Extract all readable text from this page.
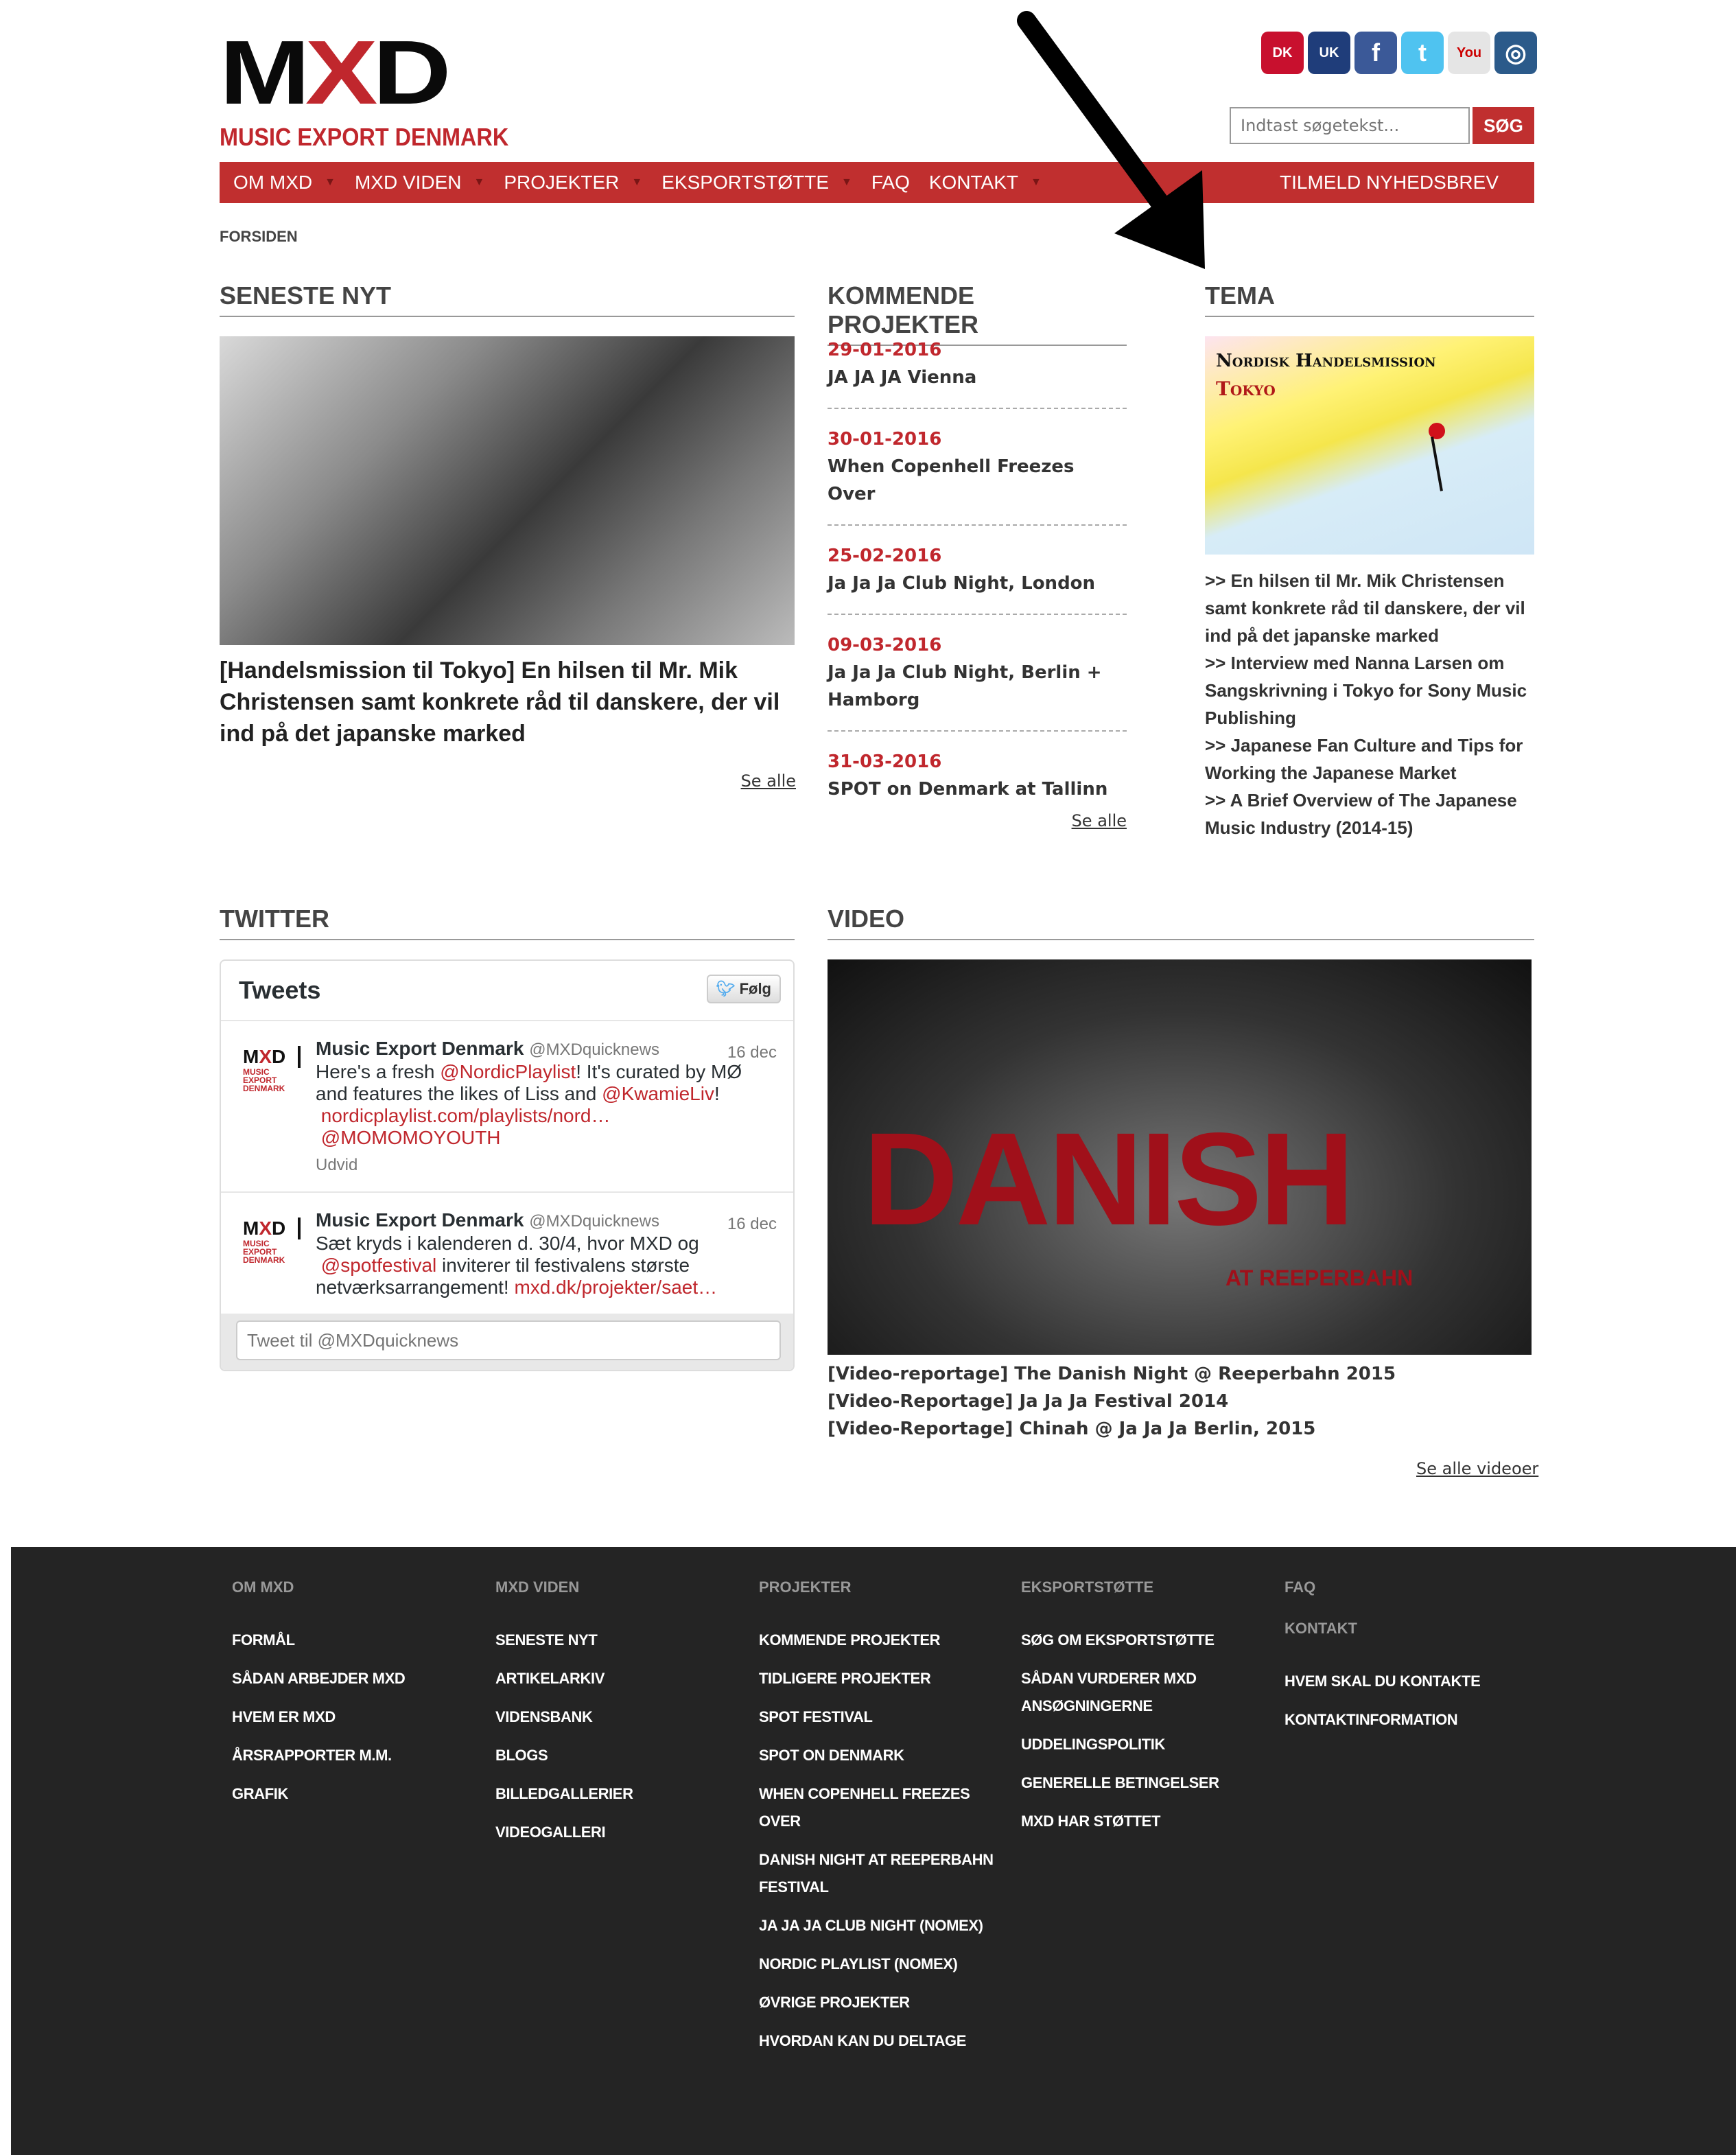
MXD
MUSIC EXPORT DENMARK
DK	UK	f	t	You	◎
Indtast søgetekst...
SØG
OM MXD ▼ MXD VIDEN ▼ PROJEKTER ▼ EKSPORTSTØTTE ▼ FAQ KONTAKT ▼	TILMELD NYHEDSBREV
FORSIDEN
SENESTE NYT
[Handelsmission til Tokyo] En hilsen til Mr. Mik Christensen samt konkrete råd til danskere, der vil ind på det japanske marked
Se alle
KOMMENDE PROJEKTER
29-01-2016
JA JA JA Vienna
30-01-2016
When Copenhell Freezes Over
25-02-2016
Ja Ja Ja Club Night, London
09-03-2016
Ja Ja Ja Club Night, Berlin + Hamborg
31-03-2016
SPOT on Denmark at Tallinn
Se alle
TEMA
Nordisk Handelsmission
Tokyo
>> En hilsen til Mr. Mik Christensen samt konkrete råd til danskere, der vil ind på det japanske marked
>> Interview med Nanna Larsen om Sangskrivning i Tokyo for Sony Music Publishing
>> Japanese Fan Culture and Tips for Working the Japanese Market
>> A Brief Overview of The Japanese Music Industry (2014-15)
TWITTER
Tweets	🐦︎ Følg
MXD
MUSIC
EXPORT
DENMARK
Music Export Denmark @MXDquicknews	16 dec
Here's a fresh @NordicPlaylist! It's curated by MØ and features the likes of Liss and @KwamieLiv!
nordicplaylist.com/playlists/nord…
@MOMOMOYOUTH
Udvid
MXD
MUSIC
EXPORT
DENMARK
Music Export Denmark @MXDquicknews	16 dec
Sæt kryds i kalenderen d. 30/4, hvor MXD og
@spotfestival inviterer til festivalens største netværksarrangement! mxd.dk/projekter/saet…
Tweet til @MXDquicknews
VIDEO
DANISH
AT REEPERBAHN
[Video-reportage] The Danish Night @ Reeperbahn 2015
[Video-Reportage] Ja Ja Ja Festival 2014
[Video-Reportage] Chinah @ Ja Ja Ja Berlin, 2015
Se alle videoer
OM MXD
FORMÅL
SÅDAN ARBEJDER MXD
HVEM ER MXD
ÅRSRAPPORTER M.M.
GRAFIK
MXD VIDEN
SENESTE NYT
ARTIKELARKIV
VIDENSBANK
BLOGS
BILLEDGALLERIER
VIDEOGALLERI
PROJEKTER
KOMMENDE PROJEKTER
TIDLIGERE PROJEKTER
SPOT FESTIVAL
SPOT ON DENMARK
WHEN COPENHELL FREEZES OVER
DANISH NIGHT AT REEPERBAHN FESTIVAL
JA JA JA CLUB NIGHT (NOMEX)
NORDIC PLAYLIST (NOMEX)
ØVRIGE PROJEKTER
HVORDAN KAN DU DELTAGE
EKSPORTSTØTTE
SØG OM EKSPORTSTØTTE
SÅDAN VURDERER MXD ANSØGNINGERNE
UDDELINGSPOLITIK
GENERELLE BETINGELSER
MXD HAR STØTTET
FAQ
KONTAKT
HVEM SKAL DU KONTAKTE
KONTAKTINFORMATION
